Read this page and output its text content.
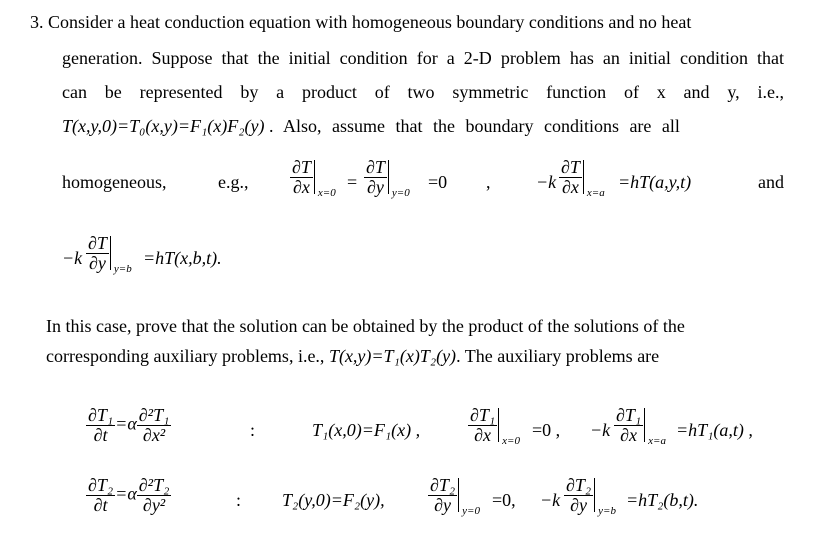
3. Consider a heat conduction equation with homogeneous boundary conditions and no heat
generation. Suppose that the initial condition for a 2-D problem has an initial condition that
can be represented by a product of two symmetric function of x and y, i.e.,
T(x,y,0)=T₀(x,y)=F₁(x)F₂(y) . Also, assume that the boundary conditions are all
homogeneous,	e.g., $\frac{\partial T}{\partial x} _{x=0}$
= $\frac{\partial T}{\partial y} _{y=0}$
=0 ,	$-k \frac{\partial T}{\partial x} _{x=a}$
=hT(a,y,t)	and
$-k \frac{\partial T}{\partial y} _{y=b}$
=hT(x,b,t).
In this case, prove that the solution can be obtained by the product of the solutions of the
corresponding auxiliary problems, i.e., T(x,y)=T₁(x)T₂(y). The auxiliary problems are
$\frac{\text{∂T₁}}{\partial t} =\alpha \frac{\text{∂²T₁}}{\text{∂x²}}$	:	T₁(x,0)=F₁(x) ,	$\frac{\text{∂T₁}}{\partial x} _{x=0}$
=0 , $-k \frac{\text{∂T₁}}{\partial x} _{x=a}$
=hT₁(a,t) ,
$\frac{\text{∂T₂}}{\partial t} =\alpha \frac{\text{∂²T₂}}{\text{∂y²}}$	: T₂(y,0)=F₂(y), $\frac{\text{∂T₂}}{\partial y} _{y=0}$
=0, $-k \frac{\text{∂T₂}}{\partial y} _{y=b}$
=hT₂(b,t).
